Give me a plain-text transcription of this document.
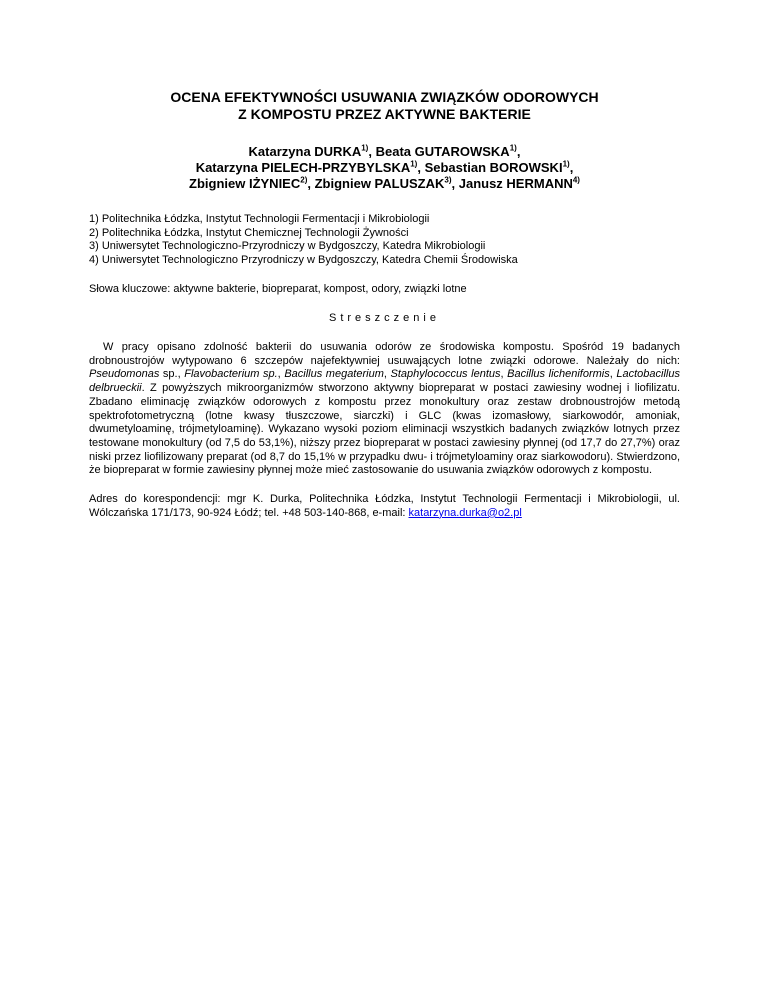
OCENA EFEKTYWNOŚCI USUWANIA ZWIĄZKÓW ODOROWYCH
Z KOMPOSTU PRZEZ AKTYWNE BAKTERIE
Katarzyna DURKA$^{1)}$, Beata GUTAROWSKA$^{1)}$,
Katarzyna PIELECH-PRZYBYLSKA$^{1)}$, Sebastian BOROWSKI$^{1)}$,
Zbigniew IŻYNIEC$^{2)}$, Zbigniew PALUSZAK$^{3)}$, Janusz HERMANN$^{4)}$
1) Politechnika Łódzka, Instytut Technologii Fermentacji i Mikrobiologii
2) Politechnika Łódzka, Instytut Chemicznej Technologii Żywności
3) Uniwersytet Technologiczno-Przyrodniczy w Bydgoszczy, Katedra Mikrobiologii
4) Uniwersytet Technologiczno Przyrodniczy w Bydgoszczy, Katedra Chemii Środowiska
Słowa kluczowe: aktywne bakterie, biopreparat, kompost, odory, związki lotne
Streszczenie
W pracy opisano zdolność bakterii do usuwania odorów ze środowiska kompostu. Spośród 19 badanych drobnoustrojów wytypowano 6 szczepów najefektywniej usuwających lotne związki odorowe. Należały do nich: Pseudomonas sp., Flavobacterium sp., Bacillus megaterium, Staphylococcus lentus, Bacillus licheniformis, Lactobacillus delbrueckii. Z powyższych mikroorganizmów stworzono aktywny biopreparat w postaci zawiesiny wodnej i liofilizatu. Zbadano eliminację związków odorowych z kompostu przez monokultury oraz zestaw drobnoustrojów metodą spektrofotometryczną (lotne kwasy tłuszczowe, siarczki) i GLC (kwas izomasłowy, siarkowodór, amoniak, dwumetyloaminę, trójmetyloaminę). Wykazano wysoki poziom eliminacji wszystkich badanych związków lotnych przez testowane monokultury (od 7,5 do 53,1%), niższy przez biopreparat w postaci zawiesiny płynnej (od 17,7 do 27,7%) oraz niski przez liofilizowany preparat (od 8,7 do 15,1% w przypadku dwu- i trójmetyloaminy oraz siarkowodoru). Stwierdzono, że biopreparat w formie zawiesiny płynnej może mieć zastosowanie do usuwania związków odorowych z kompostu.
Adres do korespondencji: mgr K. Durka, Politechnika Łódzka, Instytut Technologii Fermentacji i Mikrobiologii, ul. Wólczańska 171/173, 90-924 Łódź; tel. +48 503-140-868, e-mail: katarzyna.durka@o2.pl
